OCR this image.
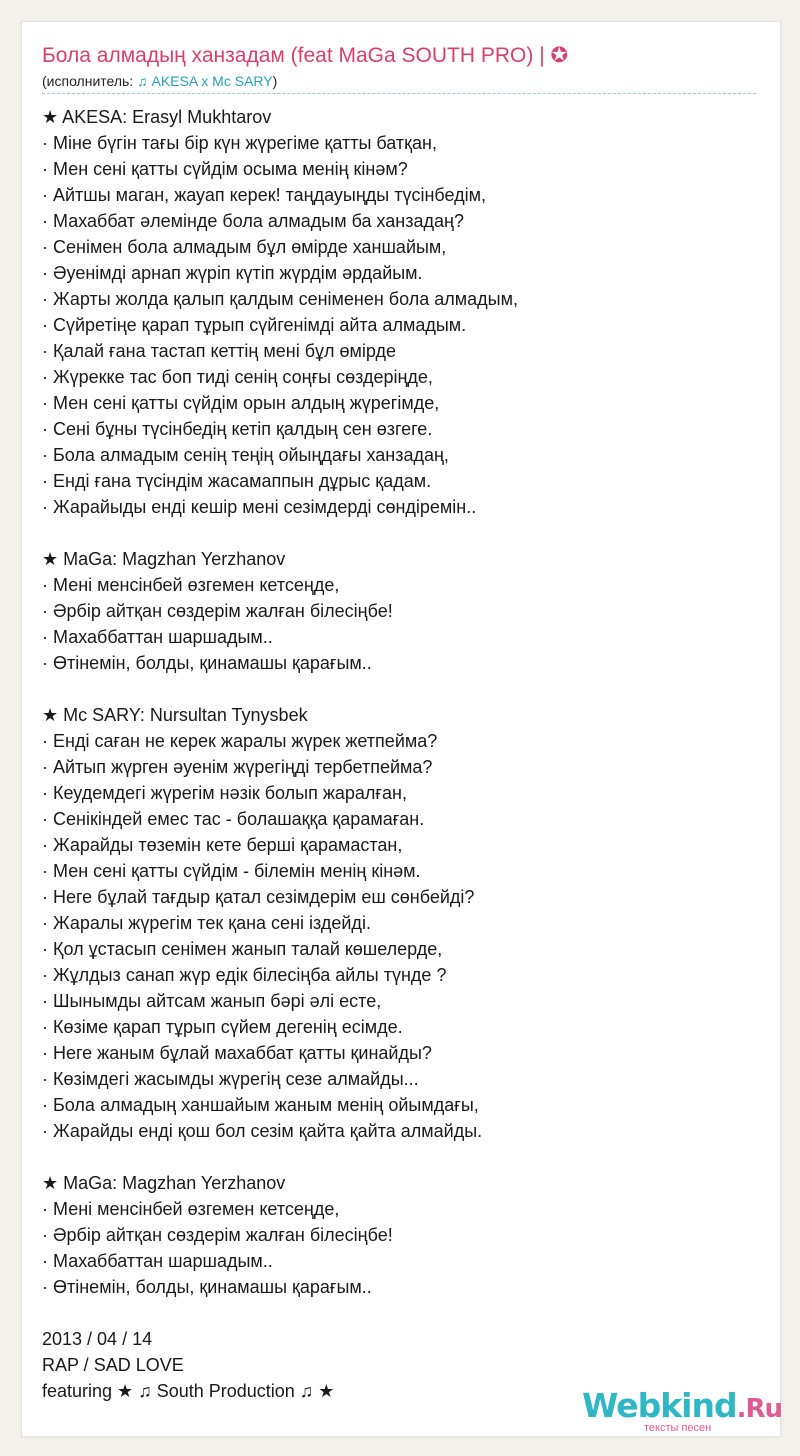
Бола алмадың ханзадам (feat MaGa SOUTH PRO) | ✪
(исполнитель: ♫ AKESA x Mc SARY)
★ AKESA: Erasyl Mukhtarov
· Міне бүгін тағы бір күн жүрегіме қатты батқан,
· Мен сені қатты сүйдім осыма менің кінәм?
· Айтшы маган, жауап керек! таңдауыңды түсінбедім,
· Махаббат әлемінде бола алмадым ба ханзадаң?
· Сенімен бола алмадым бұл өмірде ханшайым,
· Әуенімді арнап жүріп күтіп жүрдім әрдайым.
· Жарты жолда қалып қалдым сеніменен бола алмадым,
· Сүйретіңе қарап тұрып сүйгенімді айта алмадым.
· Қалай ғана тастап кеттің мені бұл өмірде
· Жүрекке тас боп тиді сенің соңғы сөздеріңде,
· Мен сені қатты сүйдім орын алдың жүрегімде,
· Сені бұны түсінбедің кетіп қалдың сен өзгеге.
· Бола алмадым сенің теңің ойыңдағы ханзадаң,
· Енді ғана түсіндім жасамаппын дұрыс қадам.
· Жарайыды енді кешір мені сезімдерді сөндіремін..
★ MaGa: Magzhan Yerzhanov
· Мені менсінбей өзгемен кетсеңде,
· Әрбір айтқан сөздерім жалған білесіңбе!
· Махаббаттан шаршадым..
· Өтінемін, болды, қинамашы қарағым..
★ Mc SARY: Nursultan Tynysbek
· Енді саған не керек жаралы жүрек жетпейма?
· Айтып жүрген әуенім жүрегіңді тербетпейма?
· Кеудемдегі жүрегім нәзік болып жаралған,
· Сенікіндей емес тас - болашаққа қарамаған.
· Жарайды төземін кете берші қарамастан,
· Мен сені қатты сүйдім - білемін менің кінәм.
· Неге бұлай тағдыр қатал сезімдерім еш сөнбейді?
· Жаралы жүрегім тек қана сені іздейді.
· Қол ұстасып сенімен жанып талай көшелерде,
· Жұлдыз санап жүр едік білесіңба айлы түнде ?
· Шынымды айтсам жанып бәрі әлі есте,
· Көзіме қарап тұрып сүйем дегенің есімде.
· Неге жаным бұлай махаббат қатты қинайды?
· Көзімдегі жасымды жүрегің сезе алмайды...
· Бола алмадың ханшайым жаным менің ойымдағы,
· Жарайды енді қош бол сезім қайта қайта алмайды.
★ MaGa: Magzhan Yerzhanov
· Мені менсінбей өзгемен кетсеңде,
· Әрбір айтқан сөздерім жалған білесіңбе!
· Махаббаттан шаршадым..
· Өтінемін, болды, қинамашы қарағым..
2013 / 04 / 14
RAP / SAD LOVE
featuring ★ ♫ South Production ♫ ★	Webkind.Ru
тексты песен
